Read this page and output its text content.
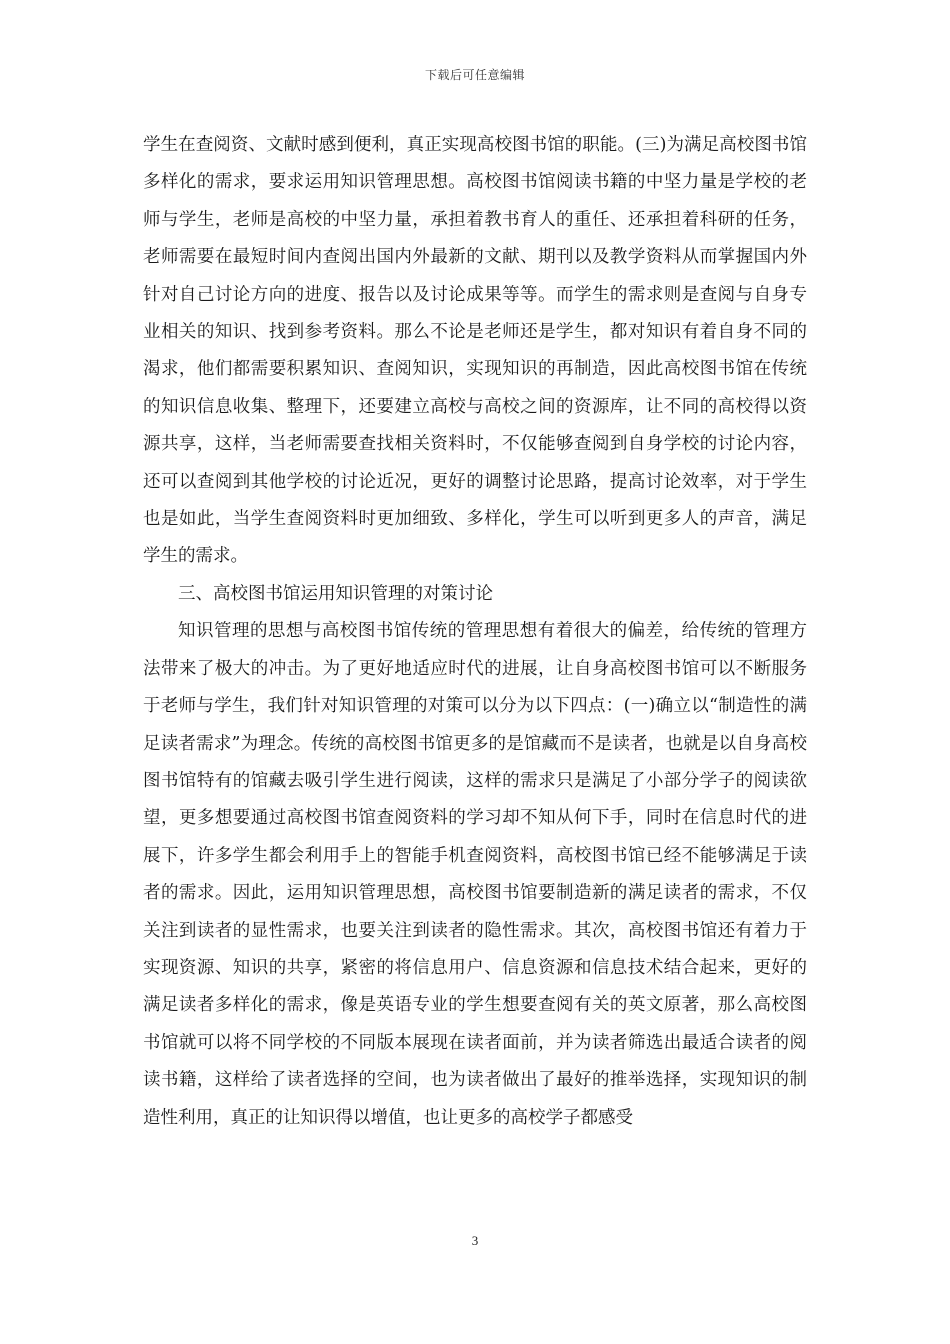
下载后可任意编辑

学生在查阅资、文献时感到便利，真正实现高校图书馆的职能。(三)为满足高校图书馆多样化的需求，要求运用知识管理思想。高校图书馆阅读书籍的中坚力量是学校的老师与学生，老师是高校的中坚力量，承担着教书育人的重任、还承担着科研的任务，老师需要在最短时间内查阅出国内外最新的文献、期刊以及教学资料从而掌握国内外针对自己讨论方向的进度、报告以及讨论成果等等。而学生的需求则是查阅与自身专业相关的知识、找到参考资料。那么不论是老师还是学生，都对知识有着自身不同的渴求，他们都需要积累知识、查阅知识，实现知识的再制造，因此高校图书馆在传统的知识信息收集、整理下，还要建立高校与高校之间的资源库，让不同的高校得以资源共享，这样，当老师需要查找相关资料时，不仅能够查阅到自身学校的讨论内容，还可以查阅到其他学校的讨论近况，更好的调整讨论思路，提高讨论效率，对于学生也是如此，当学生查阅资料时更加细致、多样化，学生可以听到更多人的声音，满足学生的需求。

三、高校图书馆运用知识管理的对策讨论

知识管理的思想与高校图书馆传统的管理思想有着很大的偏差，给传统的管理方法带来了极大的冲击。为了更好地适应时代的进展，让自身高校图书馆可以不断服务于老师与学生，我们针对知识管理的对策可以分为以下四点：(一)确立以“制造性的满足读者需求”为理念。传统的高校图书馆更多的是馆藏而不是读者，也就是以自身高校图书馆特有的馆藏去吸引学生进行阅读，这样的需求只是满足了小部分学子的阅读欲望，更多想要通过高校图书馆查阅资料的学习却不知从何下手，同时在信息时代的进展下，许多学生都会利用手上的智能手机查阅资料，高校图书馆已经不能够满足于读者的需求。因此，运用知识管理思想，高校图书馆要制造新的满足读者的需求，不仅关注到读者的显性需求，也要关注到读者的隐性需求。其次，高校图书馆还有着力于实现资源、知识的共享，紧密的将信息用户、信息资源和信息技术结合起来，更好的满足读者多样化的需求，像是英语专业的学生想要查阅有关的英文原著，那么高校图书馆就可以将不同学校的不同版本展现在读者面前，并为读者筛选出最适合读者的阅读书籍，这样给了读者选择的空间，也为读者做出了最好的推举选择，实现知识的制造性利用，真正的让知识得以增值，也让更多的高校学子都感受

3
